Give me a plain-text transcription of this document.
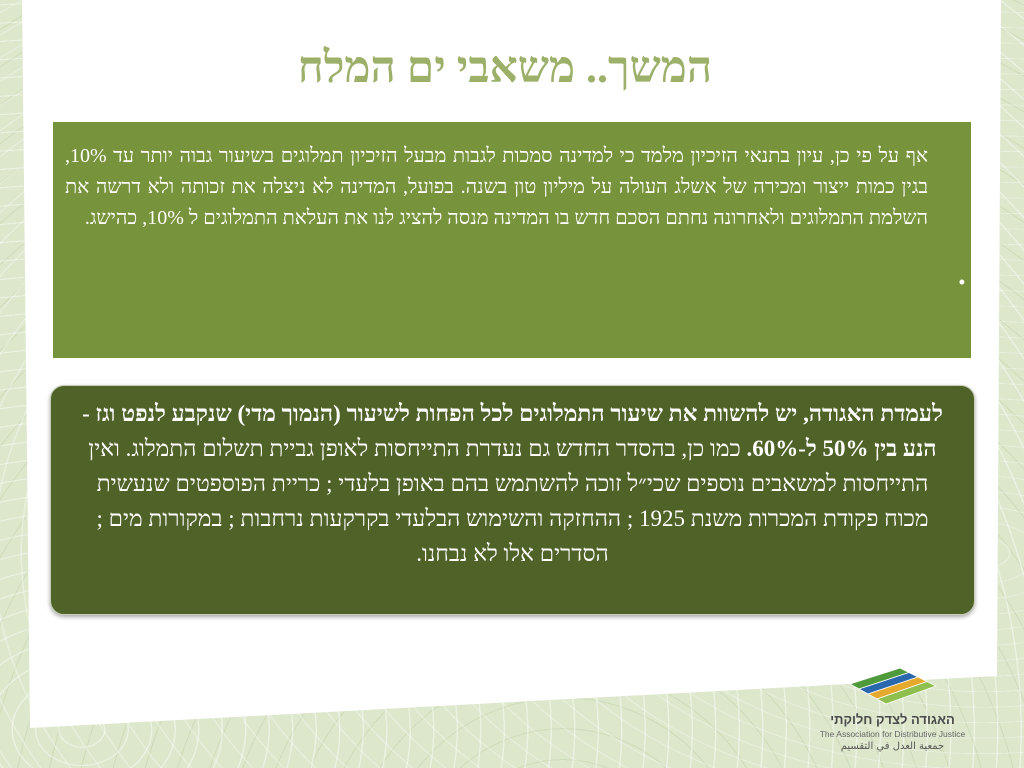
המשך.. משאבי ים המלח

אף על פי כן, עיון בתנאי הזיכיון מלמד כי למדינה סמכות לגבות מבעל הזיכיון תמלוגים בשיעור גבוה יותר עד 10%, בגין כמות ייצור ומכירה של אשלג העולה על מיליון טון בשנה. בפועל, המדינה לא ניצלה את זכותה ולא דרשה את השלמת התמלוגים ולאחרונה נחתם הסכם חדש בו המדינה מנסה להציג לנו את העלאת התמלוגים ל 10%, כהישג.

•

לעמדת האגודה, יש להשוות את שיעור התמלוגים לכל הפחות לשיעור (הנמוך מדי) שנקבע לנפט וגז - הנע בין 50% ל-60%. כמו כן, בהסדר החדש גם נעדרת התייחסות לאופן גביית תשלום התמלוג. ואין התייחסות למשאבים נוספים שכי״ל זוכה להשתמש בהם באופן בלעדי ; כריית הפוספטים שנעשית מכוח פקודת המכרות משנת 1925 ; ההחזקה והשימוש הבלעדי בקרקעות נרחבות ; במקורות מים ; הסדרים אלו לא נבחנו.

האגודה לצדק חלוקתי
The Association for Distributive Justice
جمعية العدل في التقسيم
